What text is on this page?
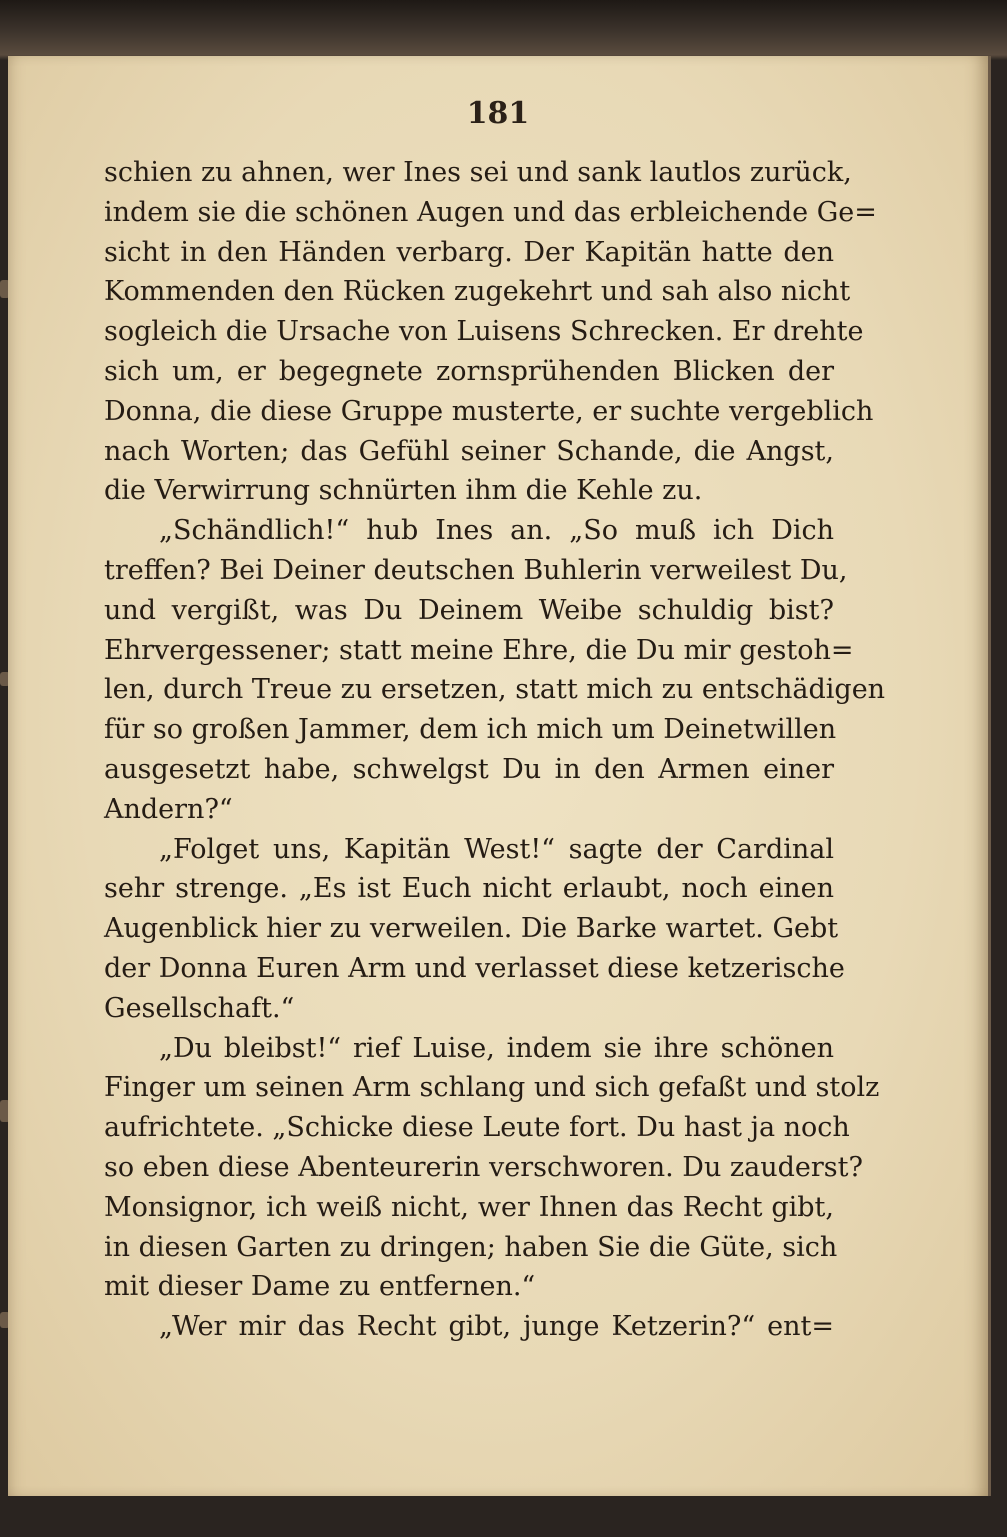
181

schien zu ahnen, wer Ines sei und sank lautlos zurück,
indem sie die schönen Augen und das erbleichende Ge=
sicht in den Händen verbarg. Der Kapitän hatte den
Kommenden den Rücken zugekehrt und sah also nicht
sogleich die Ursache von Luisens Schrecken. Er drehte
sich um, er begegnete zornsprühenden Blicken der
Donna, die diese Gruppe musterte, er suchte vergeblich
nach Worten; das Gefühl seiner Schande, die Angst,
die Verwirrung schnürten ihm die Kehle zu.
„Schändlich!“ hub Ines an. „So muß ich Dich
treffen? Bei Deiner deutschen Buhlerin verweilest Du,
und vergißt, was Du Deinem Weibe schuldig bist?
Ehrvergessener; statt meine Ehre, die Du mir gestoh=
len, durch Treue zu ersetzen, statt mich zu entschädigen
für so großen Jammer, dem ich mich um Deinetwillen
ausgesetzt habe, schwelgst Du in den Armen einer
Andern?“
„Folget uns, Kapitän West!“ sagte der Cardinal
sehr strenge. „Es ist Euch nicht erlaubt, noch einen
Augenblick hier zu verweilen. Die Barke wartet. Gebt
der Donna Euren Arm und verlasset diese ketzerische
Gesellschaft.“
„Du bleibst!“ rief Luise, indem sie ihre schönen
Finger um seinen Arm schlang und sich gefaßt und stolz
aufrichtete. „Schicke diese Leute fort. Du hast ja noch
so eben diese Abenteurerin verschworen. Du zauderst?
Monsignor, ich weiß nicht, wer Ihnen das Recht gibt,
in diesen Garten zu dringen; haben Sie die Güte, sich
mit dieser Dame zu entfernen.“
„Wer mir das Recht gibt, junge Ketzerin?“ ent=
